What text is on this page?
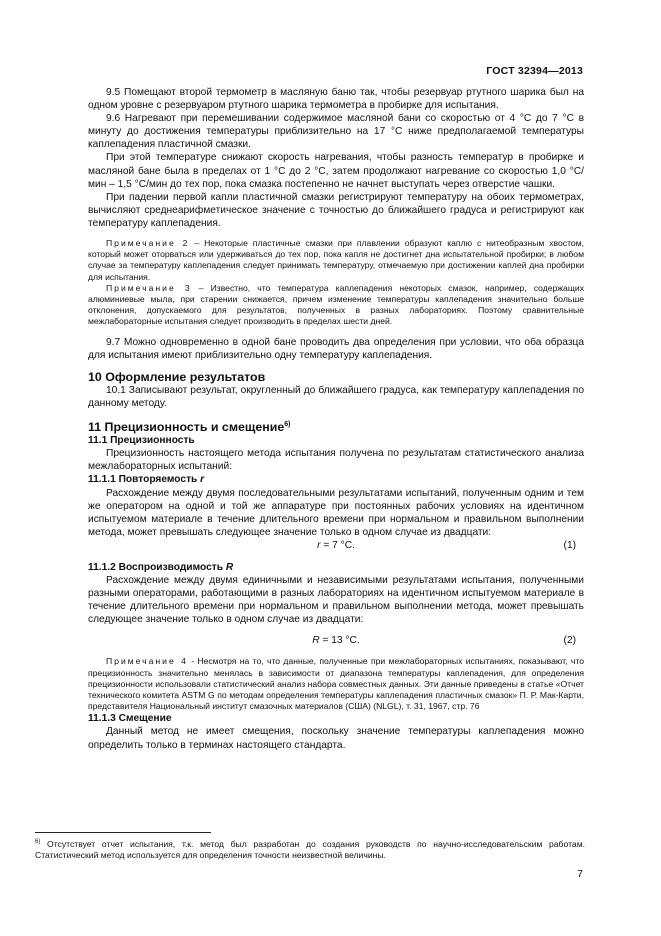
ГОСТ 32394—2013

9.5 Помещают второй термометр в масляную баню так, чтобы резервуар ртутного шарика был на одном уровне с резервуаром ртутного шарика термометра в пробирке для испытания.

9.6 Нагревают при перемешивании содержимое масляной бани со скоростью от 4 °С до 7 °С в минуту до достижения температуры приблизительно на 17 °С ниже предполагаемой температуры каплепадения пластичной смазки.

При этой температуре снижают скорость нагревания, чтобы разность температур в пробирке и масляной бане была в пределах от 1 °С до 2 °С, затем продолжают нагревание со скоростью 1,0 °С/мин – 1,5 °С/мин до тех пор, пока смазка постепенно не начнет выступать через отверстие чашки.

При падении первой капли пластичной смазки регистрируют температуру на обоих термометрах, вычисляют среднеарифметическое значение с точностью до ближайшего градуса и регистрируют как температуру каплепадения.

Примечание 2 – Некоторые пластичные смазки при плавлении образуют каплю с нитеобразным хвостом, который может оторваться или удерживаться до тех пор, пока капля не достигнет дна испытательной пробирки; в любом случае за температуру каплепадения следует принимать температуру, отмечаемую при достижении каплей дна пробирки для испытания.

Примечание 3 – Известно, что температура каплепадения некоторых смазок, например, содержащих алюминиевые мыла, при старении снижается, причем изменение температуры каплепадения значительно больше отклонения, допускаемого для результатов, полученных в разных лабораториях. Поэтому сравнительные межлабораторные испытания следует производить в пределах шести дней.

9.7 Можно одновременно в одной бане проводить два определения при условии, что оба образца для испытания имеют приблизительно одну температуру каплепадения.

10 Оформление результатов

10.1 Записывают результат, округленный до ближайшего градуса, как температуру каплепадения по данному методу.

11 Прецизионность и смещение$^{6)}$
11.1 Прецизионность

Прецизионность настоящего метода испытания получена по результатам статистического анализа межлабораторных испытаний:

11.1.1 Повторяемость r

Расхождение между двумя последовательными результатами испытаний, полученным одним и тем же оператором на одной и той же аппаратуре при постоянных рабочих условиях на идентичном испытуемом материале в течение длительного времени при нормальном и правильном выполнении метода, может превышать следующее значение только в одном случае из двадцати:

r = 7 °С.	(1)
11.1.2 Воспроизводимость R

Расхождение между двумя единичными и независимыми результатами испытания, полученными разными операторами, работающими в разных лабораториях на идентичном испытуемом материале в течение длительного времени при нормальном и правильном выполнении метода, может превышать следующее значение только в одном случае из двадцати:

R = 13 °С.	(2)

Примечание 4 - Несмотря на то, что данные, полученные при межлабораторных испытаниях, показывают, что прецизионность значительно менялась в зависимости от диапазона температуры каплепадения, для определения прецизионности использовали статистический анализ набора совместных данных. Эти данные приведены в статье «Отчет технического комитета ASTM G по методам определения температуры каплепадения пластичных смазок» П. Р. Мак-Карти, представителя Национальный институт смазочных материалов (США) (NLGL), т. 31, 1967, стр. 76

11.1.3 Смещение

Данный метод не имеет смещения, поскольку значение температуры каплепадения можно определить только в терминах настоящего стандарта.

$^{6)}$ Отсутствует отчет испытания, т.к. метод был разработан до создания руководств по научно-исследовательским работам. Статистический метод используется для определения точности неизвестной величины.
7
